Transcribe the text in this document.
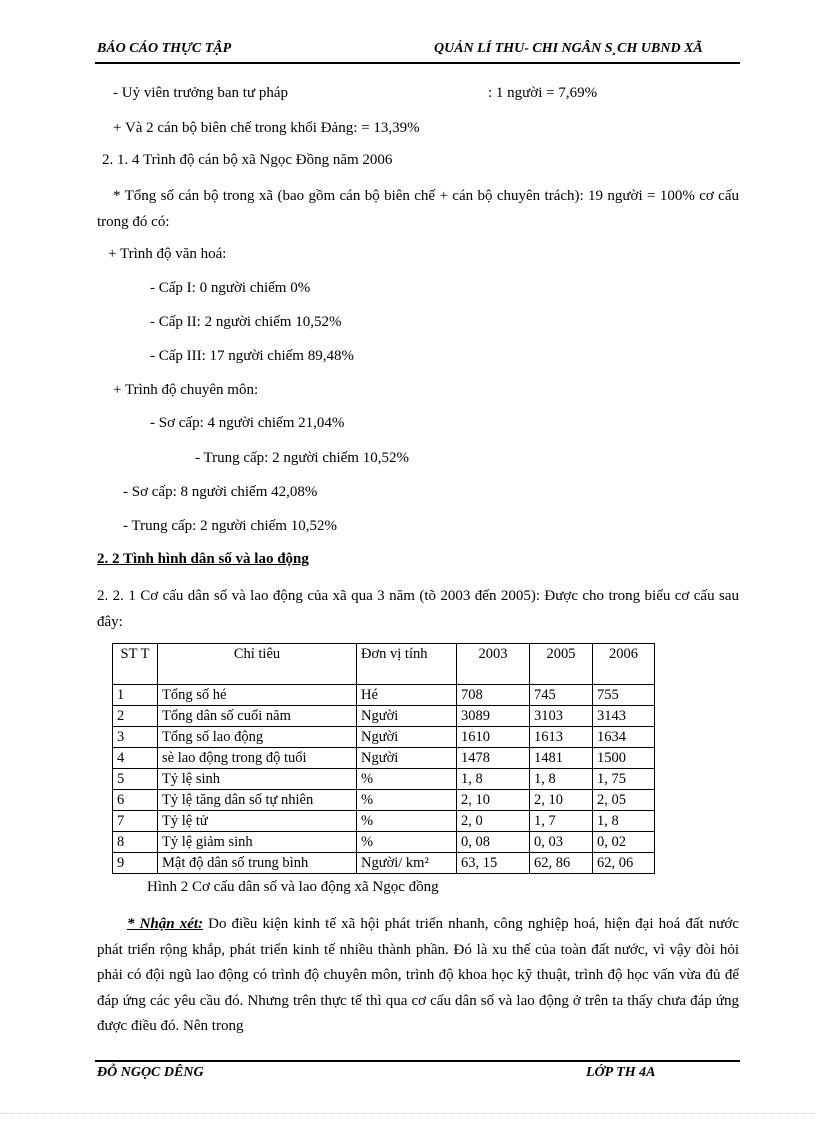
BÁO CÁO THỰC TẬP	QUẢN LÍ THU- CHI NGÂN S¸CH UBND XÃ
- Uỷ viên trưởng ban tư pháp	: 1 người = 7,69%
+ Và 2 cán bộ biên chế trong khối Đảng: = 13,39%
2. 1. 4 Trình độ cán bộ xã Ngọc Đồng năm 2006
* Tổng số cán bộ trong xã (bao gồm cán bộ biên chế + cán bộ chuyên trách): 19 người = 100% cơ cấu trong đó có:
+ Trình độ văn hoá:
- Cấp I: 0 người chiếm 0%
- Cấp II: 2 người chiếm 10,52%
- Cấp III: 17 người chiếm 89,48%
+ Trình độ chuyên môn:
- Sơ cấp: 4 người chiếm 21,04%
- Trung cấp: 2 người chiếm 10,52%
- Sơ cấp: 8 người chiếm 42,08%
- Trung cấp: 2 người chiếm 10,52%
2. 2 Tình hình dân số và lao động
2. 2. 1 Cơ cấu dân số và lao động của xã qua 3 năm (tõ 2003 đến 2005): Được cho trong biểu cơ cấu sau đây:
ST T	Chỉ tiêu	Đơn vị tính	2003	2005	2006
1	Tổng số hé	Hé	708	745	755
2	Tổng dân số cuối năm	Người	3089	3103	3143
3	Tổng số lao động	Người	1610	1613	1634
4	sè lao động trong độ tuổi	Người	1478	1481	1500
5	Tỷ lệ sinh	%	1, 8	1, 8	1, 75
6	Tỷ lệ tăng dân số tự nhiên	%	2, 10	2, 10	2, 05
7	Tỷ lệ tử	%	2, 0	1, 7	1, 8
8	Tỷ lệ giảm sinh	%	0, 08	0, 03	0, 02
9	Mật độ dân số trung bình	Người/ km²	63, 15	62, 86	62, 06
Hình 2 Cơ cấu dân số và lao động xã Ngọc đồng
* Nhận xét: Do điều kiện kinh tế xã hội phát triển nhanh, công nghiệp hoá, hiện đại hoá đất nước phát triển rộng khắp, phát triển kinh tế nhiều thành phần. Đó là xu thế của toàn đất nước, vì vậy đòi hỏi phải có đội ngũ lao động có trình độ chuyên môn, trình độ khoa học kỹ thuật, trình độ học vấn vừa đủ để đáp ứng các yêu cầu đó. Nhưng trên thực tế thì qua cơ cấu dân số và lao động ở trên ta thấy chưa đáp ứng được điều đó. Nên trong
ĐỖ NGỌC DÊNG	LỚP TH 4A
